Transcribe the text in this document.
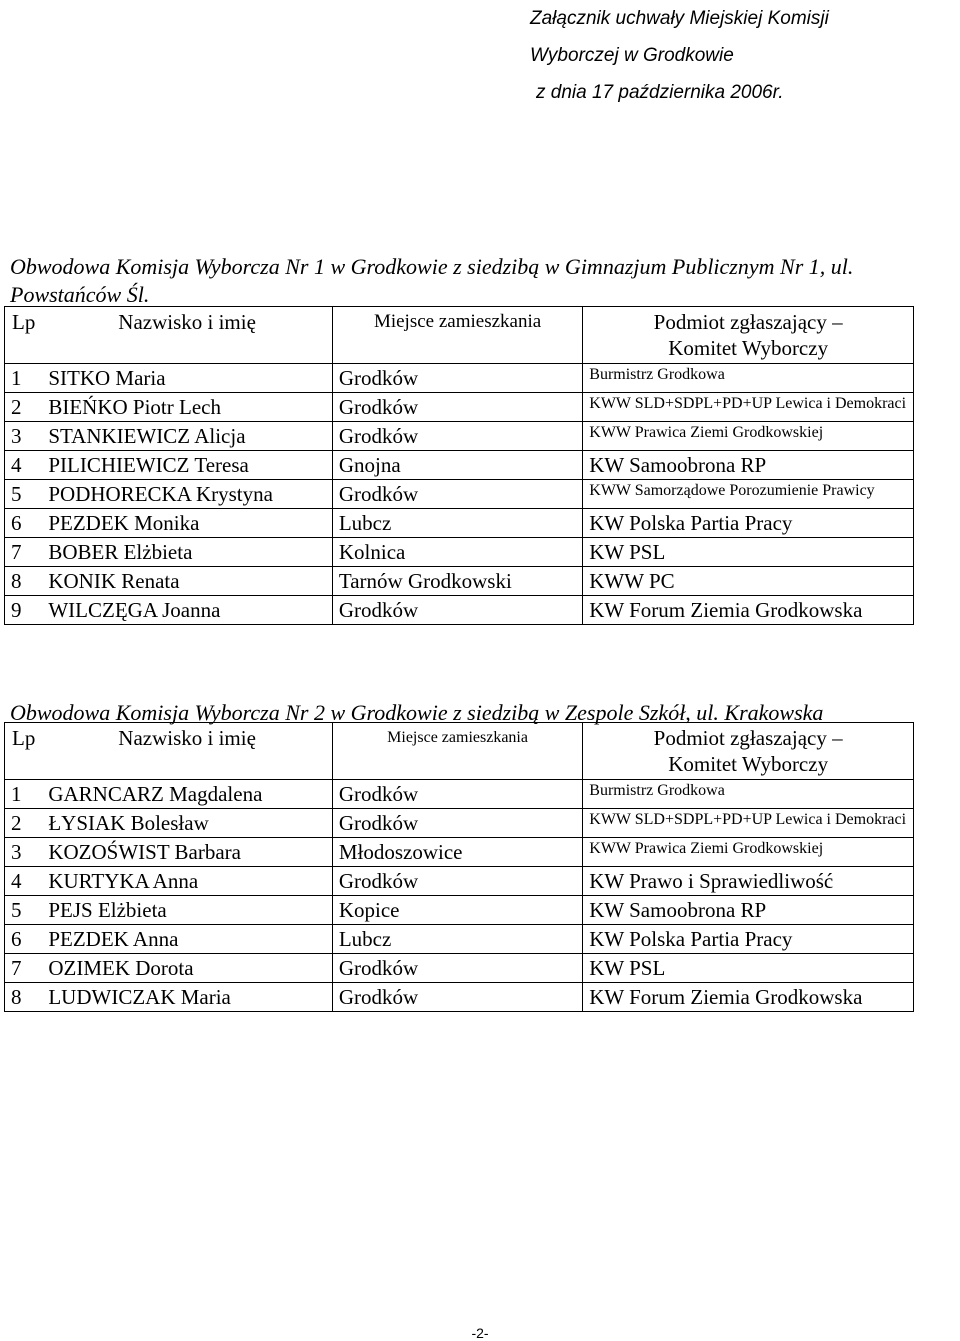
Załącznik uchwały Miejskiej Komisji
Wyborczej w Grodkowie
z dnia 17 października 2006r.
Obwodowa Komisja Wyborcza Nr 1 w Grodkowie z siedzibą w Gimnazjum Publicznym Nr 1, ul. Powstańców Śl.
Lp	Nazwisko i imię	Miejsce zamieszkania	Podmiot zgłaszający –
Komitet Wyborczy

1	SITKO Maria	Grodków	Burmistrz Grodkowa

2	BIEŃKO Piotr Lech	Grodków	KWW SLD+SDPL+PD+UP Lewica i Demokraci

3	STANKIEWICZ Alicja	Grodków	KWW Prawica Ziemi Grodkowskiej

4	PILICHIEWICZ Teresa	Gnojna	KW Samoobrona RP
5	PODHORECKA Krystyna	Grodków	KWW Samorządowe Porozumienie Prawicy

6	PEZDEK Monika	Lubcz	KW Polska Partia Pracy
7	BOBER Elżbieta	Kolnica	KW PSL
8	KONIK Renata	Tarnów Grodkowski	KWW PC
9	WILCZĘGA Joanna	Grodków	KW Forum Ziemia Grodkowska
Obwodowa Komisja Wyborcza Nr 2 w Grodkowie z siedzibą w Zespole Szkół, ul. Krakowska
Lp	Nazwisko i imię	Miejsce zamieszkania	Podmiot zgłaszający –
Komitet Wyborczy

1	GARNCARZ Magdalena	Grodków	Burmistrz Grodkowa

2	ŁYSIAK Bolesław	Grodków	KWW SLD+SDPL+PD+UP Lewica i Demokraci

3	KOZOŚWIST Barbara	Młodoszowice	KWW Prawica Ziemi Grodkowskiej

4	KURTYKA Anna	Grodków	KW Prawo i Sprawiedliwość
5	PEJS Elżbieta	Kopice	KW Samoobrona RP
6	PEZDEK Anna	Lubcz	KW Polska Partia Pracy
7	OZIMEK Dorota	Grodków	KW PSL
8	LUDWICZAK Maria	Grodków	KW Forum Ziemia Grodkowska
-2-
